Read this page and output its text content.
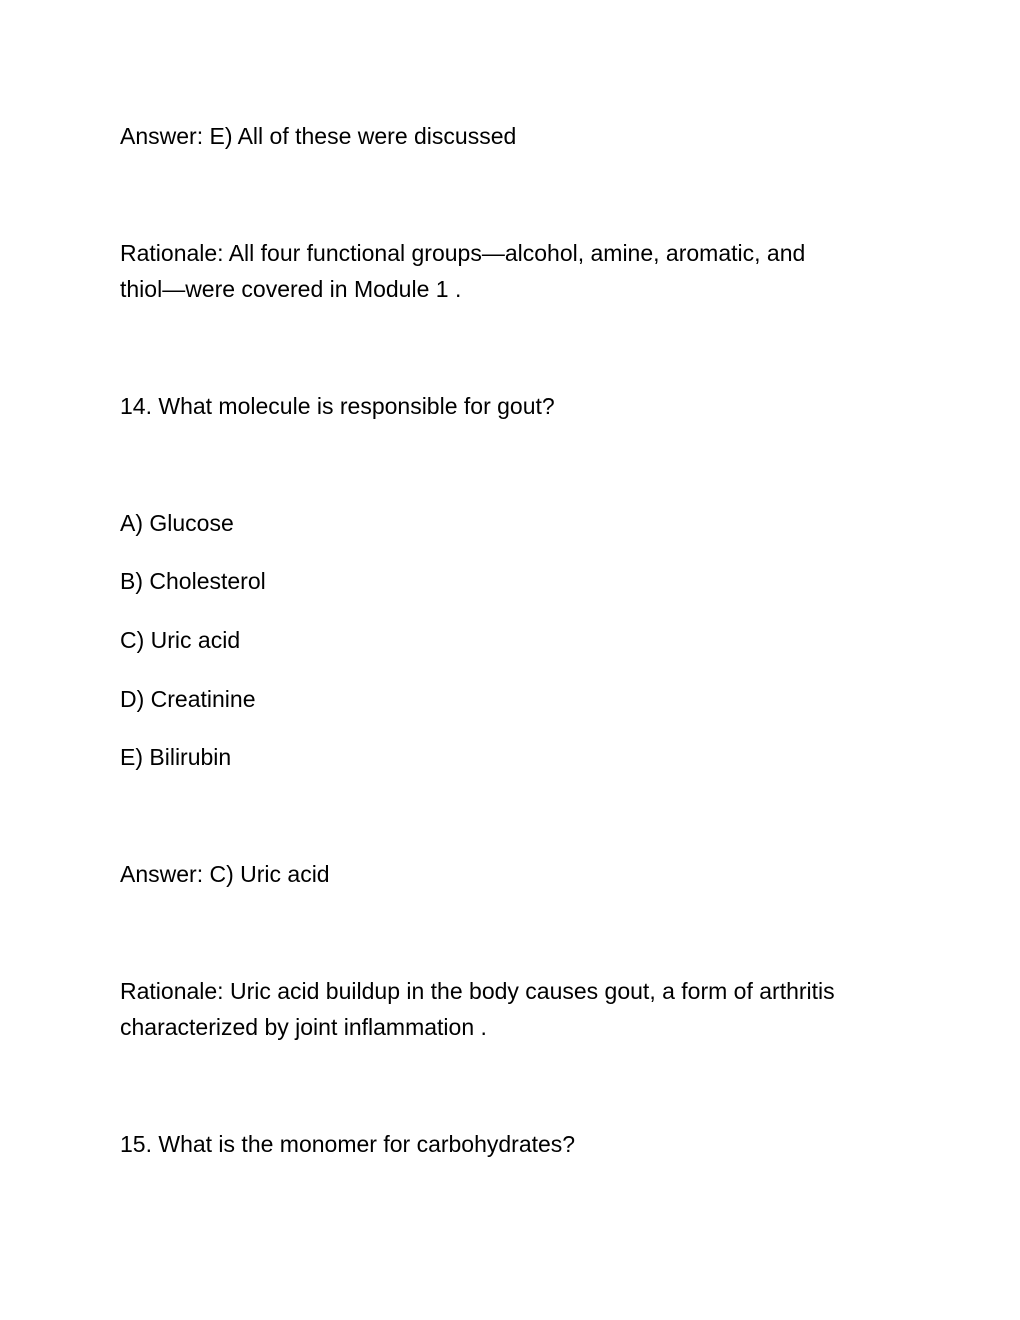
Answer: E) All of these were discussed
Rationale: All four functional groups—alcohol, amine, aromatic, and
thiol—were covered in Module 1 .
14. What molecule is responsible for gout?
A) Glucose
B) Cholesterol
C) Uric acid
D) Creatinine
E) Bilirubin
Answer: C) Uric acid
Rationale: Uric acid buildup in the body causes gout, a form of arthritis
characterized by joint inflammation .
15. What is the monomer for carbohydrates?
